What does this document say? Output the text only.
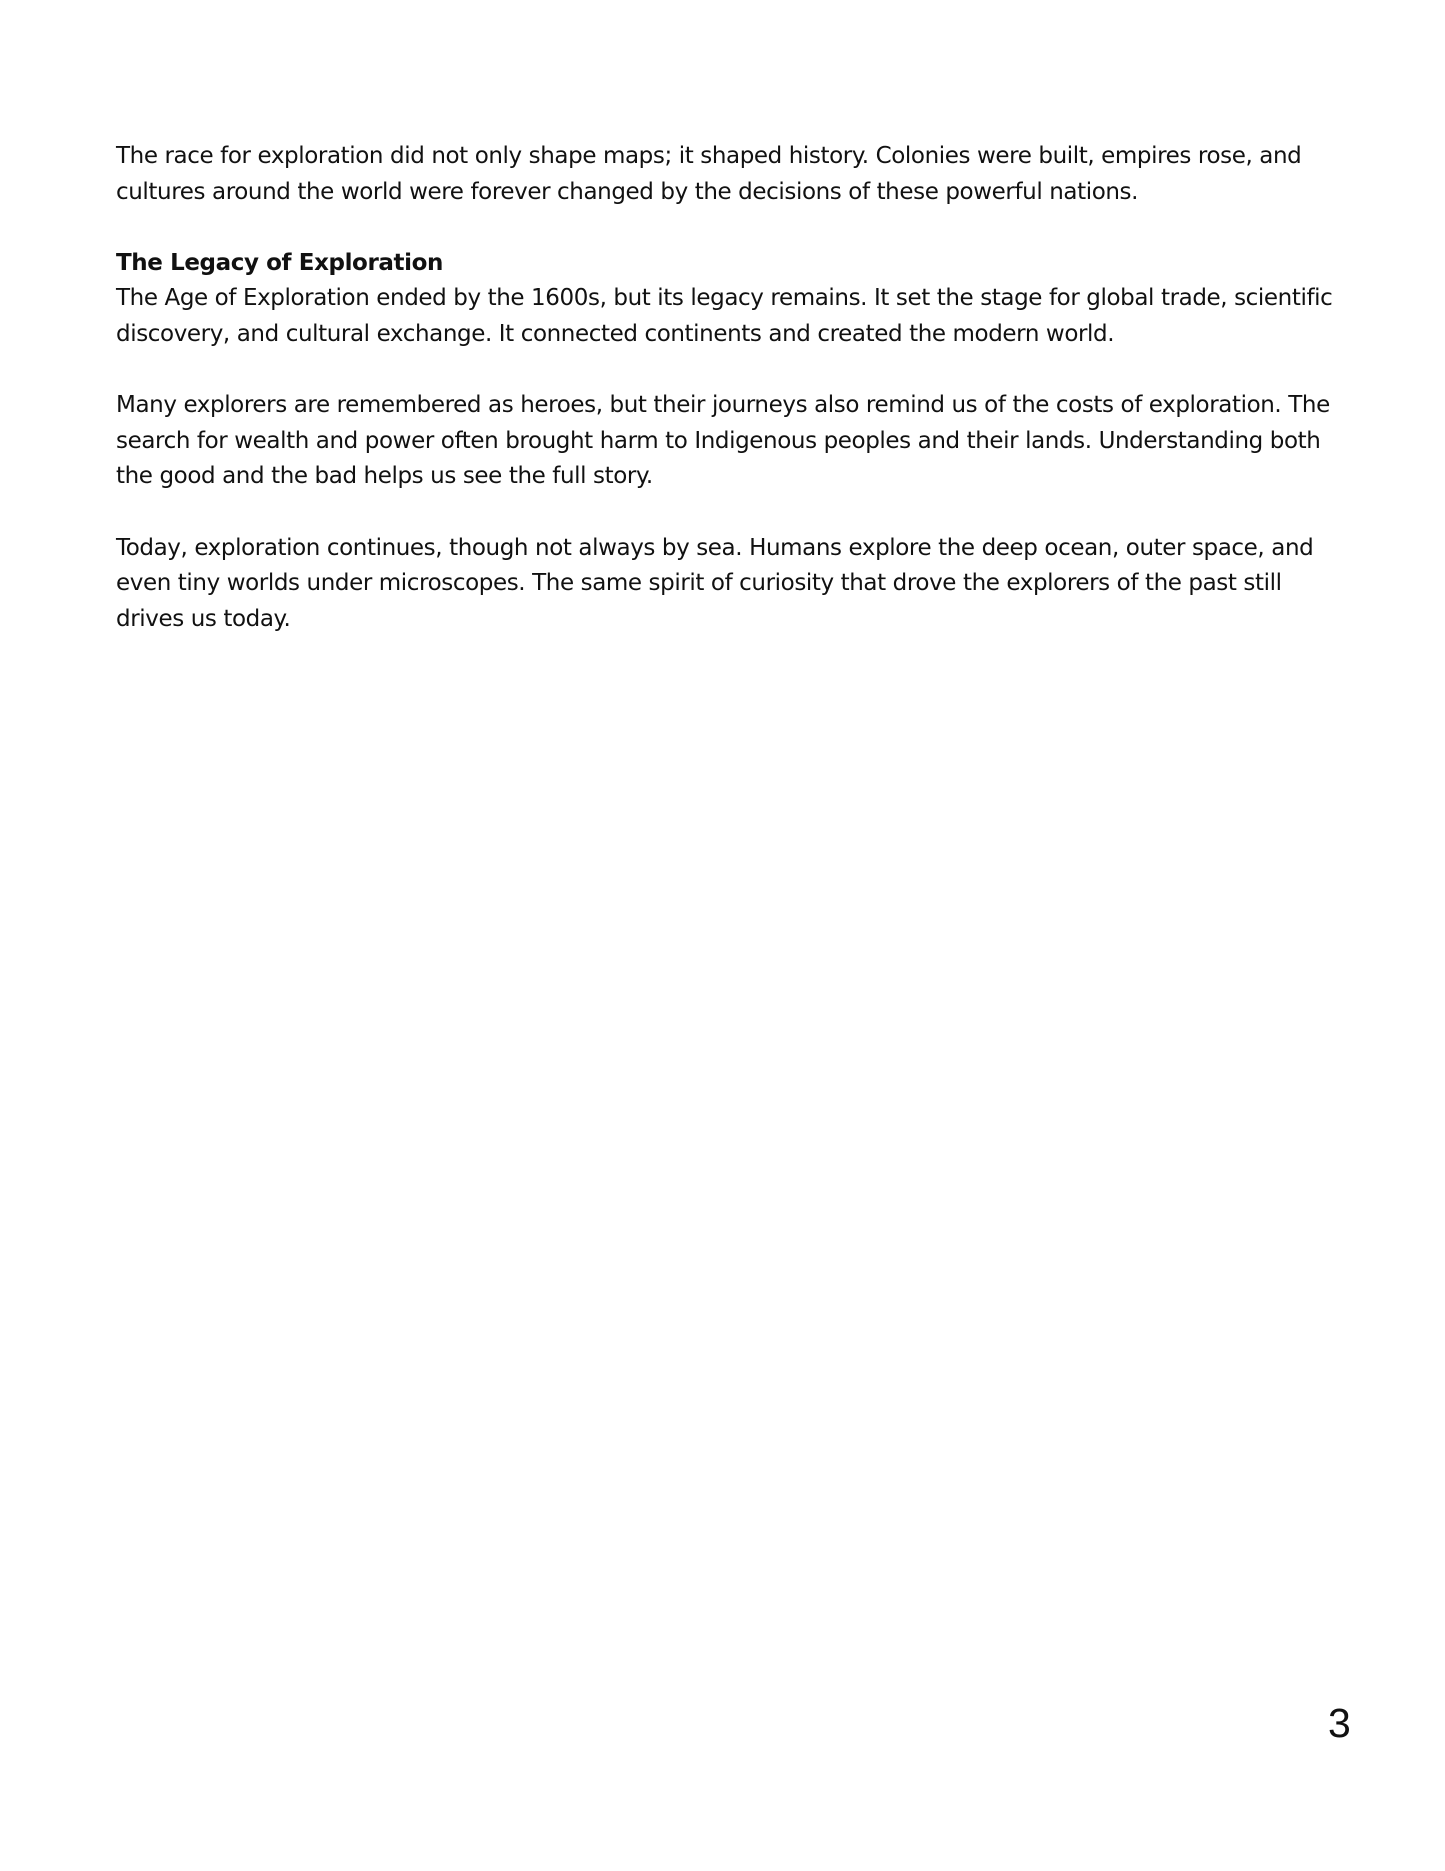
The race for exploration did not only shape maps; it shaped history. Colonies were built, empires rose, and cultures around the world were forever changed by the decisions of these powerful nations.

The Legacy of Exploration

The Age of Exploration ended by the 1600s, but its legacy remains. It set the stage for global trade, scientific discovery, and cultural exchange. It connected continents and created the modern world.

Many explorers are remembered as heroes, but their journeys also remind us of the costs of exploration. The search for wealth and power often brought harm to Indigenous peoples and their lands. Understanding both the good and the bad helps us see the full story.

Today, exploration continues, though not always by sea. Humans explore the deep ocean, outer space, and even tiny worlds under microscopes. The same spirit of curiosity that drove the explorers of the past still drives us today.

3
